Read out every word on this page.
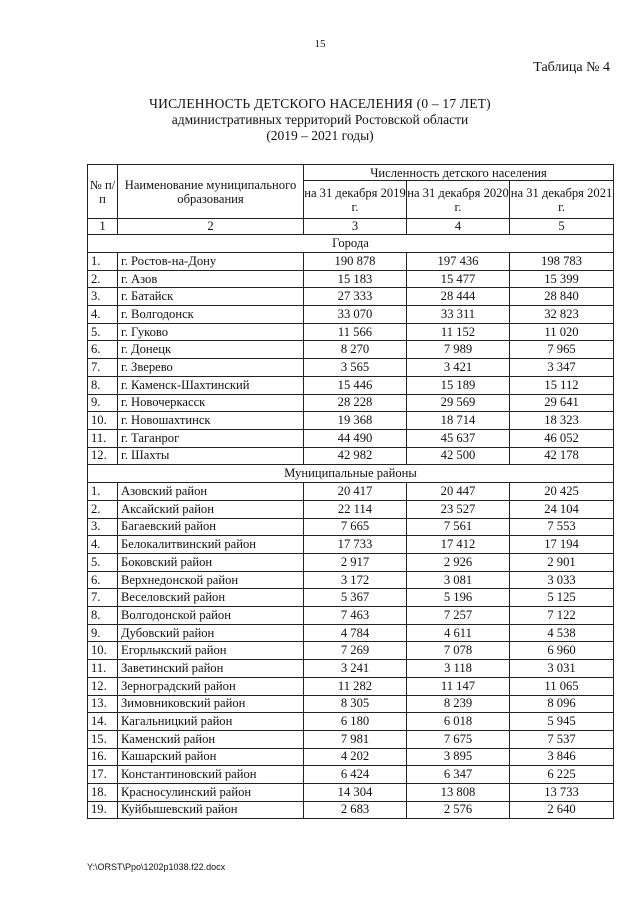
15
Таблица № 4
ЧИСЛЕННОСТЬ ДЕТСКОГО НАСЕЛЕНИЯ (0 – 17 ЛЕТ)
административных территорий Ростовской области
(2019 – 2021 годы)
№ п/п	Наименование муниципального образования	Численность детского населения		
		на 31 декабря 2019 г.	на 31 декабря 2020 г.	на 31 декабря 2021 г.
1	2	3	4	5
Города				
1.	г. Ростов-на-Дону	190 878	197 436	198 783
2.	г. Азов	15 183	15 477	15 399
3.	г. Батайск	27 333	28 444	28 840
4.	г. Волгодонск	33 070	33 311	32 823
5.	г. Гуково	11 566	11 152	11 020
6.	г. Донецк	8 270	7 989	7 965
7.	г. Зверево	3 565	3 421	3 347
8.	г. Каменск-Шахтинский	15 446	15 189	15 112
9.	г. Новочеркасск	28 228	29 569	29 641
10.	г. Новошахтинск	19 368	18 714	18 323
11.	г. Таганрог	44 490	45 637	46 052
12.	г. Шахты	42 982	42 500	42 178
Муниципальные районы				
1.	Азовский район	20 417	20 447	20 425
2.	Аксайский район	22 114	23 527	24 104
3.	Багаевский район	7 665	7 561	7 553
4.	Белокалитвинский район	17 733	17 412	17 194
5.	Боковский район	2 917	2 926	2 901
6.	Верхнедонской район	3 172	3 081	3 033
7.	Веселовский район	5 367	5 196	5 125
8.	Волгодонской район	7 463	7 257	7 122
9.	Дубовский район	4 784	4 611	4 538
10.	Егорлыкский район	7 269	7 078	6 960
11.	Заветинский район	3 241	3 118	3 031
12.	Зерноградский район	11 282	11 147	11 065
13.	Зимовниковский район	8 305	8 239	8 096
14.	Кагальницкий район	6 180	6 018	5 945
15.	Каменский район	7 981	7 675	7 537
16.	Кашарский район	4 202	3 895	3 846
17.	Константиновский район	6 424	6 347	6 225
18.	Красносулинский район	14 304	13 808	13 733
19.	Куйбышевский район	2 683	2 576	2 640
Y:\ORST\Ppo\1202p1038.f22.docx
